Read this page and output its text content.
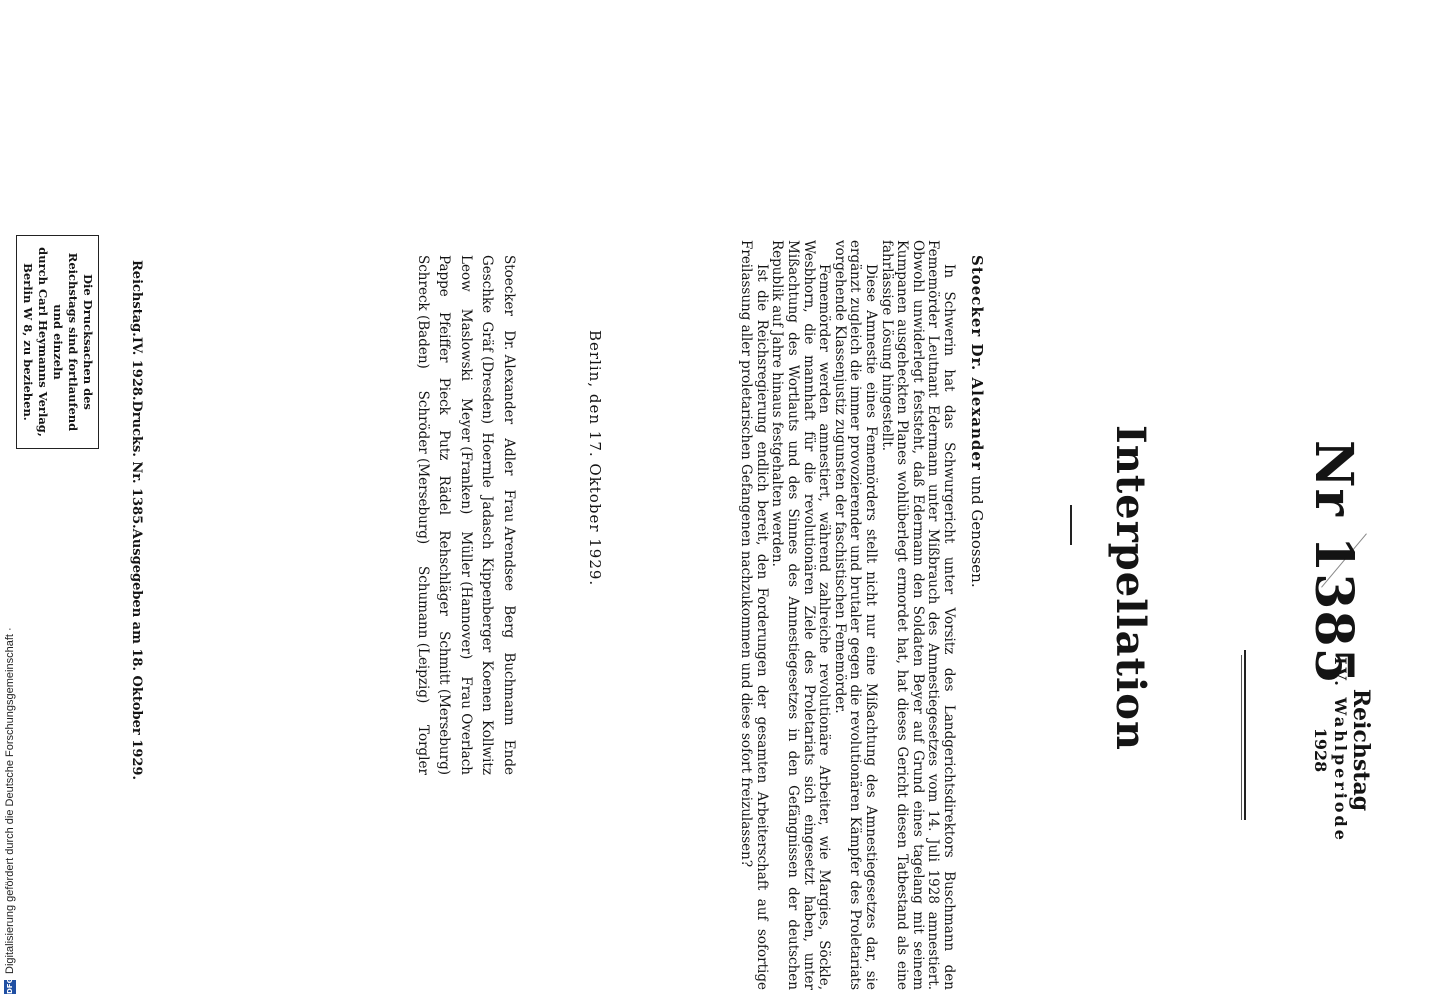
Reichstag
IV. Wahlperiode
1928
Nr 1385
Interpellation
Stoecker Dr. Alexander und Genossen.

In Schwerin hat das Schwurgericht unter Vorsitz des Landgerichtsdirektors Buschmann den Fememörder Leutnant Edermann unter Mißbrauch des Amnestiegesetzes vom 14. Juli 1928 amnestiert. Obwohl unwiderlegt feststeht, daß Edermann den Soldaten Beyer auf Grund eines tagelang mit seinem Kumpanen ausgeheckten Planes wohlüberlegt ermordet hat, hat dieses Gericht diesen Tatbestand als eine fahrlässige Lösung hingestellt.

Diese Amnestie eines Fememörders stellt nicht nur eine Mißachtung des Amnestiegesetzes dar, sie ergänzt zugleich die immer provozierender und brutaler gegen die revolutionären Kämpfer des Proletariats vorgehende Klassenjustiz zugunsten der faschistischen Fememörder.

Fememörder werden amnestiert, während zahlreiche revolutionäre Arbeiter, wie Margies, Söckle, Wesbhorn, die mannhaft für die revolutionären Ziele des Proletariats sich eingesetzt haben, unter Mißachtung des Wortlauts und des Sinnes des Amnestiegesetzes in den Gefängnissen der deutschen Republik auf Jahre hinaus festgehalten werden.

Ist die Reichsregierung endlich bereit, den Forderungen der gesamten Arbeiterschaft auf sofortige Freilassung aller proletarischen Gefangenen nachzukommen und diese sofort freizulassen?

Berlin, den 17. Oktober 1929.
Stoecker
Dr. Alexander
Adler
Frau Arendsee
Berg
Buchmann
Ende
Geschke
Gräf (Dresden)
Hoernle
Jadasch
Kippenberger
Koenen
Kollwitz
Leow
Maslowski
Meyer (Franken)
Müller (Hannover)
Frau Overlach
Pappe
Pfeiffer
Pieck
Putz
Rädel
Rehschläger
Schmitt (Merseburg)
Schreck (Baden)
Schröder (Merseburg)
Schumann (Leipzig)
Torgler
Reichstag.
IV. 1928.
Drucks. Nr. 1385.
Ausgegeben am 18. Oktober 1929.
Die Drucksachen des Reichstags sind fortlaufend und einzeln
durch Carl Heymanns Verlag, Berlin W 8, zu beziehen.
DFG
Digitalisierung gefördert durch die Deutsche Forschungsgemeinschaft ·
